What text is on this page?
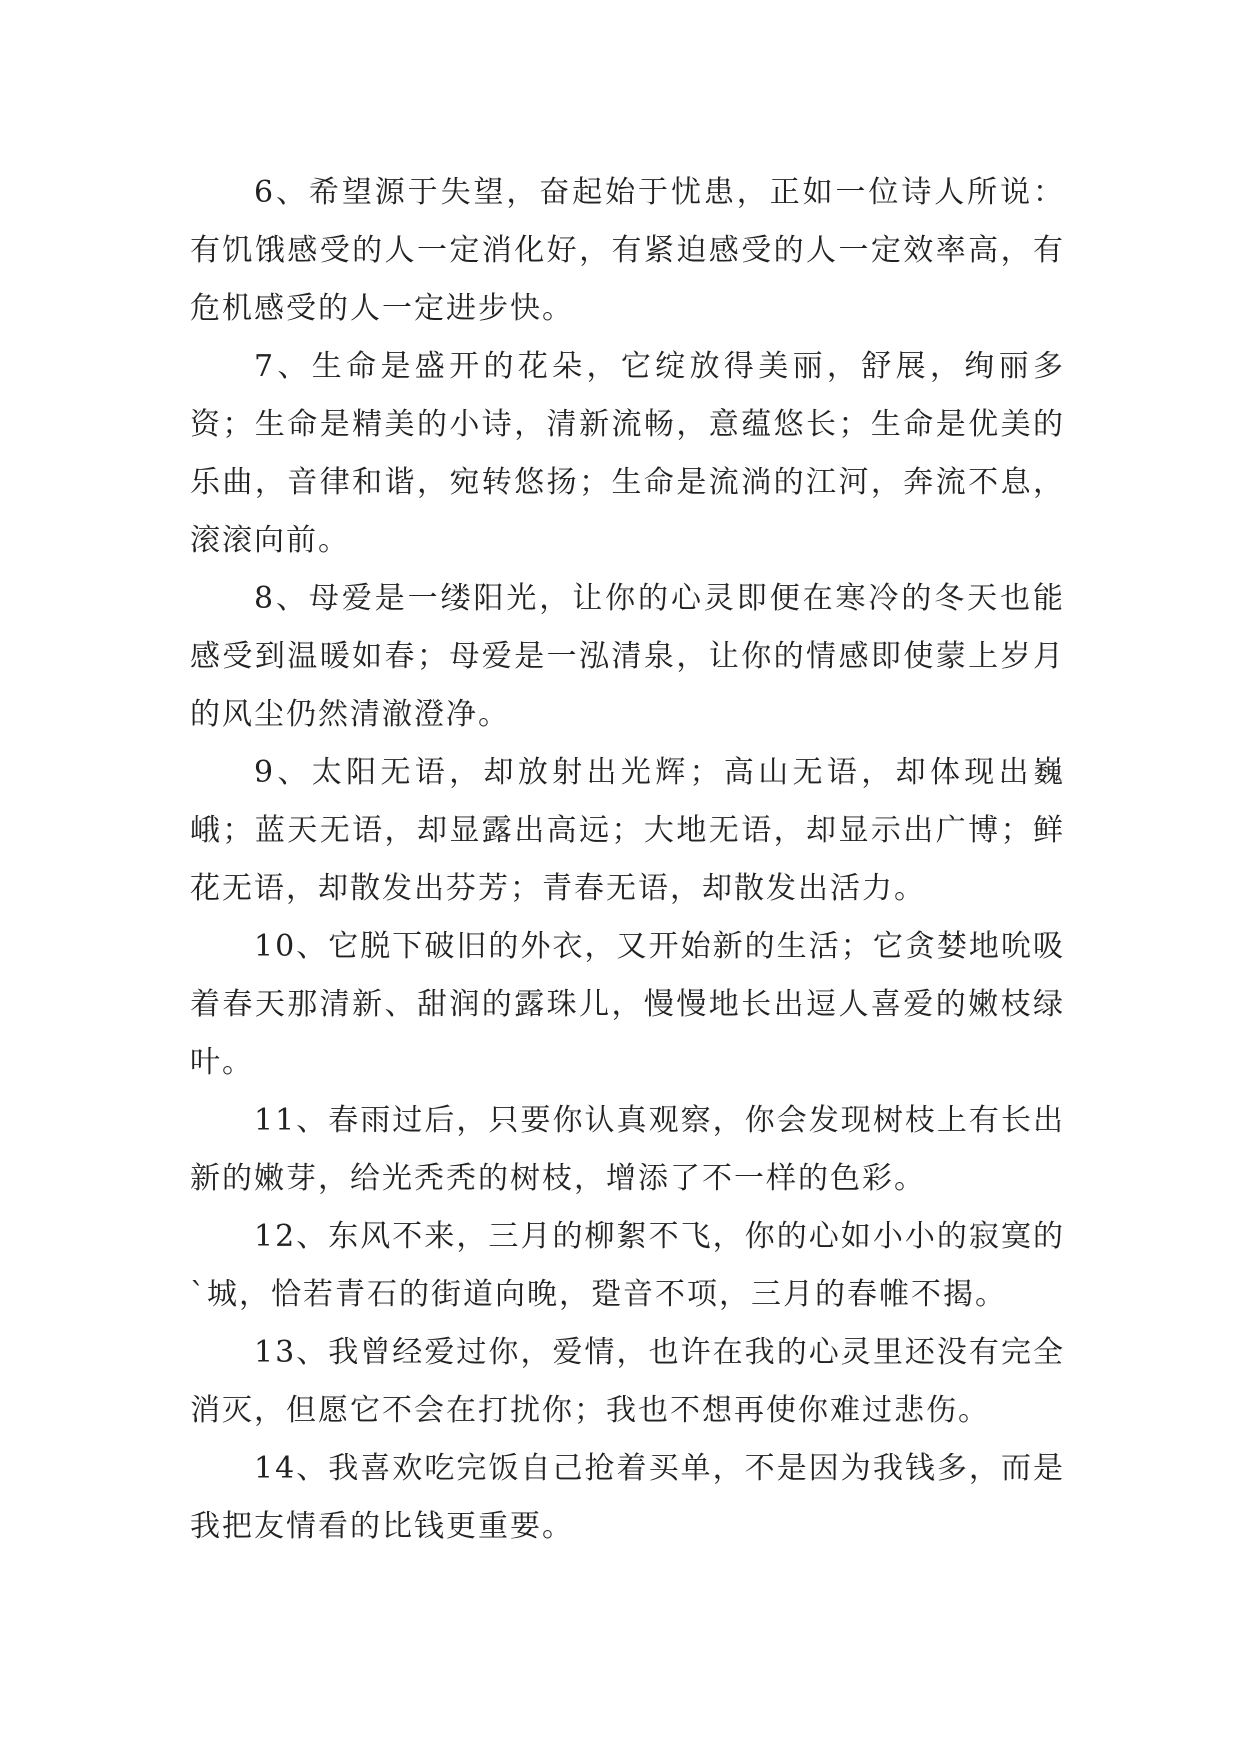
6、希望源于失望，奋起始于忧患，正如一位诗人所说：有饥饿感受的人一定消化好，有紧迫感受的人一定效率高，有危机感受的人一定进步快。

7、生命是盛开的花朵，它绽放得美丽，舒展，绚丽多资；生命是精美的小诗，清新流畅，意蕴悠长；生命是优美的乐曲，音律和谐，宛转悠扬；生命是流淌的江河，奔流不息，滚滚向前。

8、母爱是一缕阳光，让你的心灵即便在寒冷的冬天也能感受到温暖如春；母爱是一泓清泉，让你的情感即使蒙上岁月的风尘仍然清澈澄净。

9、太阳无语，却放射出光辉；高山无语，却体现出巍峨；蓝天无语，却显露出高远；大地无语，却显示出广博；鲜花无语，却散发出芬芳；青春无语，却散发出活力。

10、它脱下破旧的外衣，又开始新的生活；它贪婪地吮吸着春天那清新、甜润的露珠儿，慢慢地长出逗人喜爱的嫩枝绿叶。

11、春雨过后，只要你认真观察，你会发现树枝上有长出新的嫩芽，给光秃秃的树枝，增添了不一样的色彩。

12、东风不来，三月的柳絮不飞，你的心如小小的寂寞的`城，恰若青石的街道向晚，跫音不项，三月的春帷不揭。

13、我曾经爱过你，爱情，也许在我的心灵里还没有完全消灭，但愿它不会在打扰你；我也不想再使你难过悲伤。

14、我喜欢吃完饭自己抢着买单，不是因为我钱多，而是我把友情看的比钱更重要。
